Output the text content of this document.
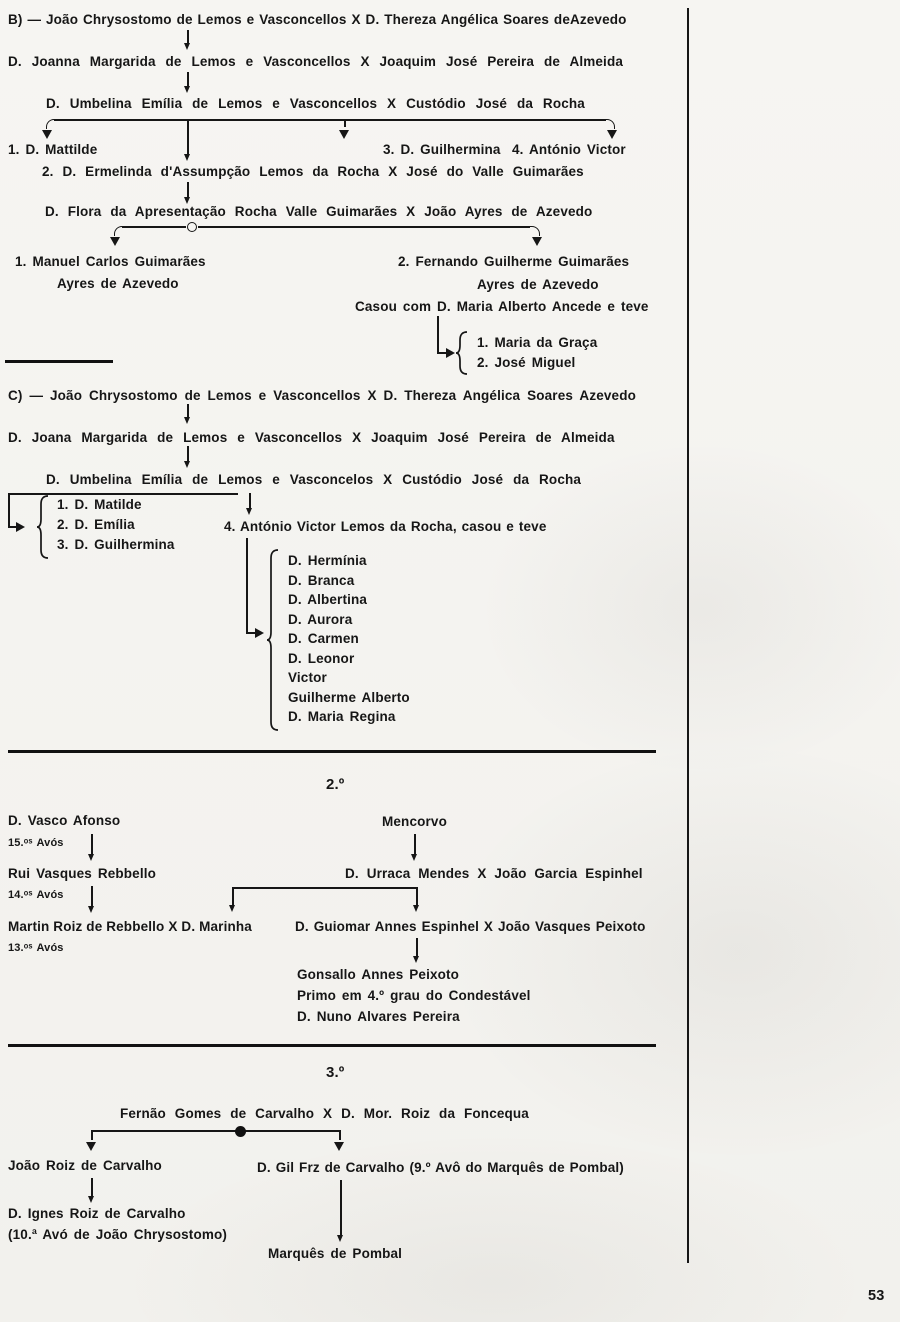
B) — João Chrysostomo de Lemos e Vasconcellos X D. Thereza Angélica Soares deAzevedo
D. Joanna Margarida de Lemos e Vasconcellos X Joaquim José Pereira de Almeida
D. Umbelina Emília de Lemos e Vasconcellos X Custódio José da Rocha
1. D. Mattilde	3. D. Guilhermina 4. António Victor
2. D. Ermelinda d'Assumpção Lemos da Rocha X José do Valle Guimarães
D. Flora da Apresentação Rocha Valle Guimarães X João Ayres de Azevedo
1. Manuel Carlos Guimarães
Ayres de Azevedo
2. Fernando Guilherme Guimarães
Ayres de Azevedo
Casou com D. Maria Alberto Ancede e teve
1. Maria da Graça
2. José Miguel
C) — João Chrysostomo de Lemos e Vasconcellos X D. Thereza Angélica Soares Azevedo
D. Joana Margarida de Lemos e Vasconcellos X Joaquim José Pereira de Almeida
D. Umbelina Emília de Lemos e Vasconcelos X Custódio José da Rocha
1. D. Matilde
2. D. Emília
3. D. Guilhermina
4. António Victor Lemos da Rocha, casou e teve
D. Hermínia
D. Branca
D. Albertina
D. Aurora
D. Carmen
D. Leonor
Victor
Guilherme Alberto
D. Maria Regina
2.º
D. Vasco Afonso
15.ᵒˢ Avós
Mencorvo
Rui Vasques Rebbello
14.ᵒˢ Avós
D. Urraca Mendes X João Garcia Espinhel
Martin Roiz de Rebbello X D. Marinha
13.ᵒˢ Avós
D. Guiomar Annes Espinhel X João Vasques Peixoto
Gonsallo Annes Peixoto
Primo em 4.º grau do Condestável
D. Nuno Alvares Pereira
3.º
Fernão Gomes de Carvalho X D. Mor. Roiz da Foncequa
João Roiz de Carvalho	D. Gil Frz de Carvalho (9.º Avô do Marquês de Pombal)
D. Ignes Roiz de Carvalho
(10.ª Avó de João Chrysostomo)
Marquês de Pombal
53
